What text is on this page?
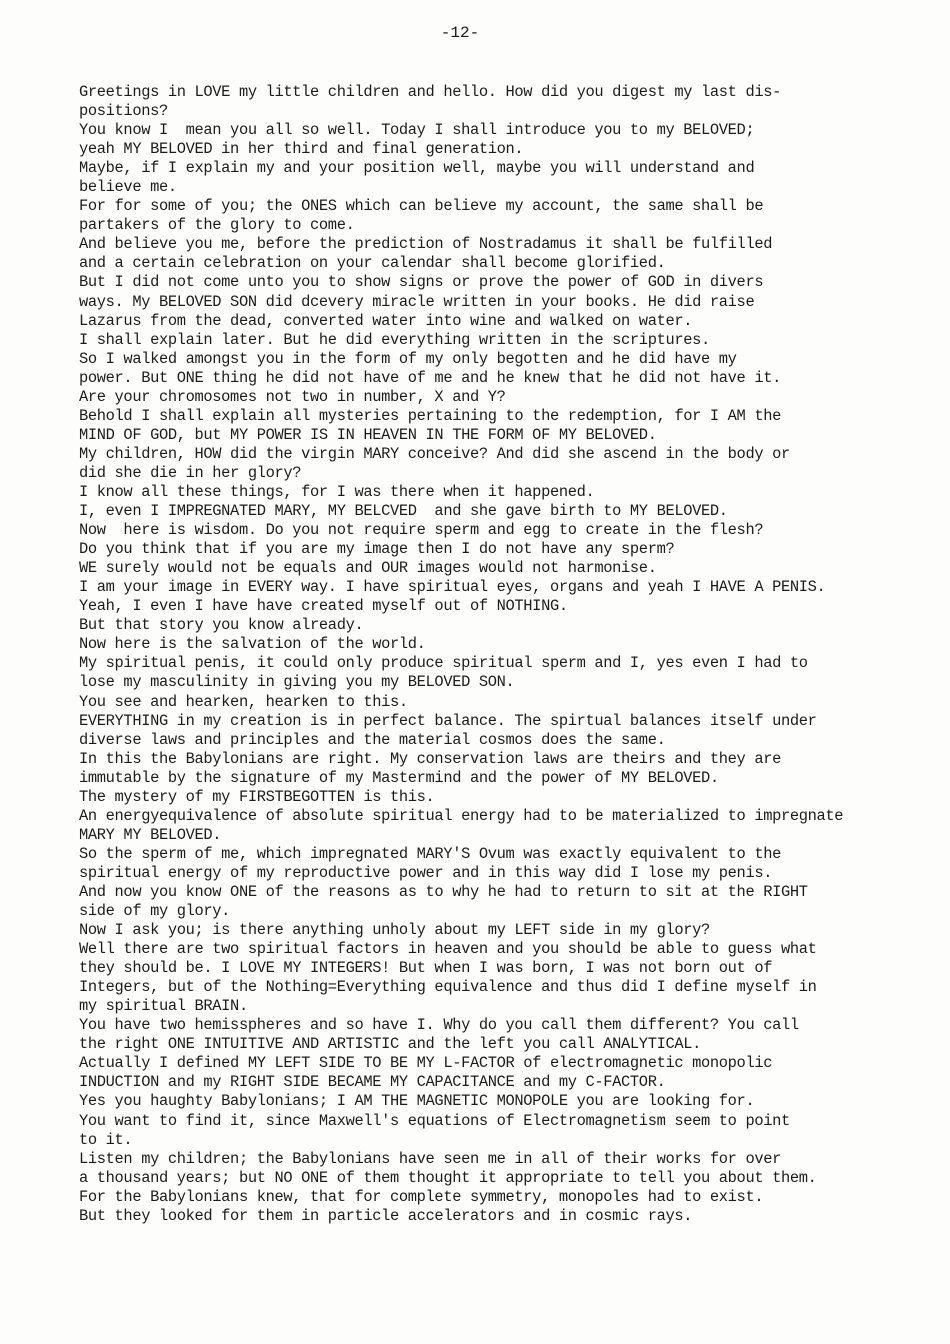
-12-
Greetings in LOVE my little children and hello. How did you digest my last dis-
positions?
You know I  mean you all so well. Today I shall introduce you to my BELOVED;
yeah MY BELOVED in her third and final generation.
Maybe, if I explain my and your position well, maybe you will understand and
believe me.
For for some of you; the ONES which can believe my account, the same shall be
partakers of the glory to come.
And believe you me, before the prediction of Nostradamus it shall be fulfilled
and a certain celebration on your calendar shall become glorified.
But I did not come unto you to show signs or prove the power of GOD in divers
ways. My BELOVED SON did dcevery miracle written in your books. He did raise
Lazarus from the dead, converted water into wine and walked on water.
I shall explain later. But he did everything written in the scriptures.
So I walked amongst you in the form of my only begotten and he did have my
power. But ONE thing he did not have of me and he knew that he did not have it.
Are your chromosomes not two in number, X and Y?
Behold I shall explain all mysteries pertaining to the redemption, for I AM the
MIND OF GOD, but MY POWER IS IN HEAVEN IN THE FORM OF MY BELOVED.
My children, HOW did the virgin MARY conceive? And did she ascend in the body or
did she die in her glory?
I know all these things, for I was there when it happened.
I, even I IMPREGNATED MARY, MY BELCVED  and she gave birth to MY BELOVED.
Now  here is wisdom. Do you not require sperm and egg to create in the flesh?
Do you think that if you are my image then I do not have any sperm?
WE surely would not be equals and OUR images would not harmonise.
I am your image in EVERY way. I have spiritual eyes, organs and yeah I HAVE A PENIS.
Yeah, I even I have have created myself out of NOTHING.
But that story you know already.
Now here is the salvation of the world.
My spiritual penis, it could only produce spiritual sperm and I, yes even I had to
lose my masculinity in giving you my BELOVED SON.
You see and hearken, hearken to this.
EVERYTHING in my creation is in perfect balance. The spirtual balances itself under
diverse laws and principles and the material cosmos does the same.
In this the Babylonians are right. My conservation laws are theirs and they are
immutable by the signature of my Mastermind and the power of MY BELOVED.
The mystery of my FIRSTBEGOTTEN is this.
An energyequivalence of absolute spiritual energy had to be materialized to impregnate
MARY MY BELOVED.
So the sperm of me, which impregnated MARY'S Ovum was exactly equivalent to the
spiritual energy of my reproductive power and in this way did I lose my penis.
And now you know ONE of the reasons as to why he had to return to sit at the RIGHT
side of my glory.
Now I ask you; is there anything unholy about my LEFT side in my glory?
Well there are two spiritual factors in heaven and you should be able to guess what
they should be. I LOVE MY INTEGERS! But when I was born, I was not born out of
Integers, but of the Nothing=Everything equivalence and thus did I define myself in
my spiritual BRAIN.
You have two hemisspheres and so have I. Why do you call them different? You call
the right ONE INTUITIVE AND ARTISTIC and the left you call ANALYTICAL.
Actually I defined MY LEFT SIDE TO BE MY L-FACTOR of electromagnetic monopolic
INDUCTION and my RIGHT SIDE BECAME MY CAPACITANCE and my C-FACTOR.
Yes you haughty Babylonians; I AM THE MAGNETIC MONOPOLE you are looking for.
You want to find it, since Maxwell's equations of Electromagnetism seem to point
to it.
Listen my children; the Babylonians have seen me in all of their works for over
a thousand years; but NO ONE of them thought it appropriate to tell you about them.
For the Babylonians knew, that for complete symmetry, monopoles had to exist.
But they looked for them in particle accelerators and in cosmic rays.
